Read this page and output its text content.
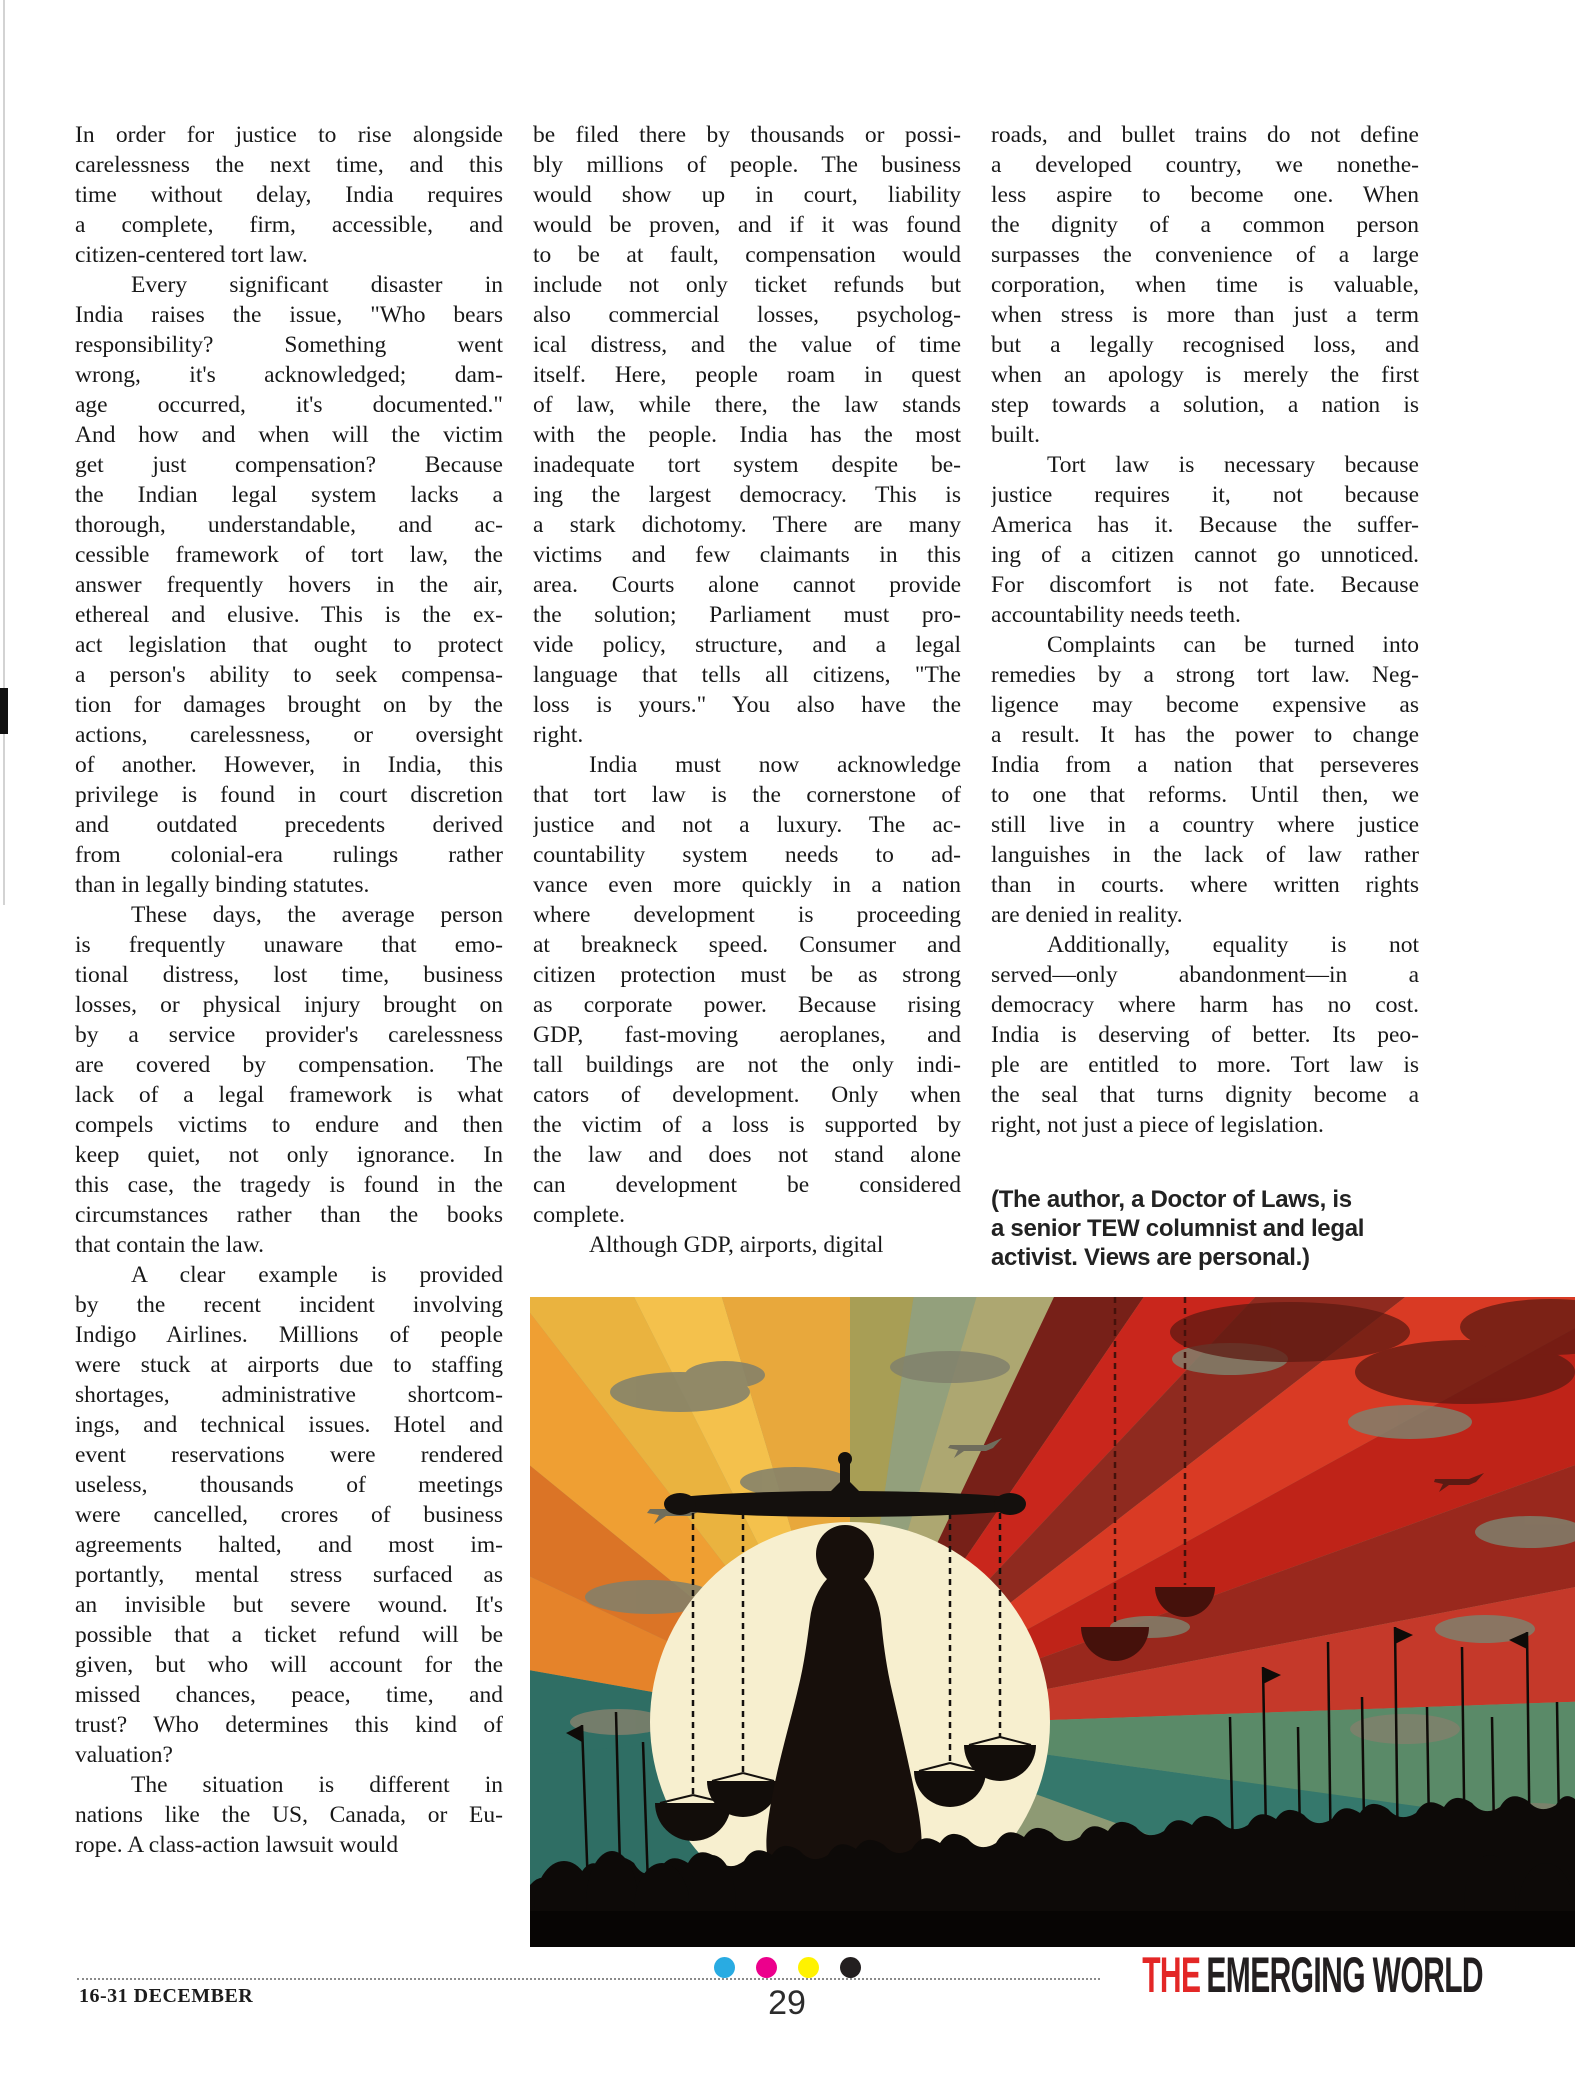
In order for justice to rise alongside
carelessness the next time, and this
time without delay, India requires
a complete, firm, accessible, and
citizen-centered tort law.
Every significant disaster in
India raises the issue, "Who bears
responsibility? Something went
wrong, it's acknowledged; dam-
age occurred, it's documented."
And how and when will the victim
get just compensation? Because
the Indian legal system lacks a
thorough, understandable, and ac-
cessible framework of tort law, the
answer frequently hovers in the air,
ethereal and elusive. This is the ex-
act legislation that ought to protect
a person's ability to seek compensa-
tion for damages brought on by the
actions, carelessness, or oversight
of another. However, in India, this
privilege is found in court discretion
and outdated precedents derived
from colonial-era rulings rather
than in legally binding statutes.
These days, the average person
is frequently unaware that emo-
tional distress, lost time, business
losses, or physical injury brought on
by a service provider's carelessness
are covered by compensation. The
lack of a legal framework is what
compels victims to endure and then
keep quiet, not only ignorance. In
this case, the tragedy is found in the
circumstances rather than the books
that contain the law.
A clear example is provided
by the recent incident involving
Indigo Airlines. Millions of people
were stuck at airports due to staffing
shortages, administrative shortcom-
ings, and technical issues. Hotel and
event reservations were rendered
useless, thousands of meetings
were cancelled, crores of business
agreements halted, and most im-
portantly, mental stress surfaced as
an invisible but severe wound. It's
possible that a ticket refund will be
given, but who will account for the
missed chances, peace, time, and
trust? Who determines this kind of
valuation?
The situation is different in
nations like the US, Canada, or Eu-
rope. A class-action lawsuit would
be filed there by thousands or possi-
bly millions of people. The business
would show up in court, liability
would be proven, and if it was found
to be at fault, compensation would
include not only ticket refunds but
also commercial losses, psycholog-
ical distress, and the value of time
itself. Here, people roam in quest
of law, while there, the law stands
with the people. India has the most
inadequate tort system despite be-
ing the largest democracy. This is
a stark dichotomy. There are many
victims and few claimants in this
area. Courts alone cannot provide
the solution; Parliament must pro-
vide policy, structure, and a legal
language that tells all citizens, "The
loss is yours." You also have the
right.
India must now acknowledge
that tort law is the cornerstone of
justice and not a luxury. The ac-
countability system needs to ad-
vance even more quickly in a nation
where development is proceeding
at breakneck speed. Consumer and
citizen protection must be as strong
as corporate power. Because rising
GDP, fast-moving aeroplanes, and
tall buildings are not the only indi-
cators of development. Only when
the victim of a loss is supported by
the law and does not stand alone
can development be considered
complete.
Although GDP, airports, digital
roads, and bullet trains do not define
a developed country, we nonethe-
less aspire to become one. When
the dignity of a common person
surpasses the convenience of a large
corporation, when time is valuable,
when stress is more than just a term
but a legally recognised loss, and
when an apology is merely the first
step towards a solution, a nation is
built.
Tort law is necessary because
justice requires it, not because
America has it. Because the suffer-
ing of a citizen cannot go unnoticed.
For discomfort is not fate. Because
accountability needs teeth.
Complaints can be turned into
remedies by a strong tort law. Neg-
ligence may become expensive as
a result. It has the power to change
India from a nation that perseveres
to one that reforms. Until then, we
still live in a country where justice
languishes in the lack of law rather
than in courts. where written rights
are denied in reality.
Additionally, equality is not
served—only abandonment—in a
democracy where harm has no cost.
India is deserving of better. Its peo-
ple are entitled to more. Tort law is
the seal that turns dignity become a
right, not just a piece of legislation.
(The author, a Doctor of Laws, is
a senior TEW columnist and legal
activist. Views are personal.)
16-31 DECEMBER	29	THE EMERGING WORLD
